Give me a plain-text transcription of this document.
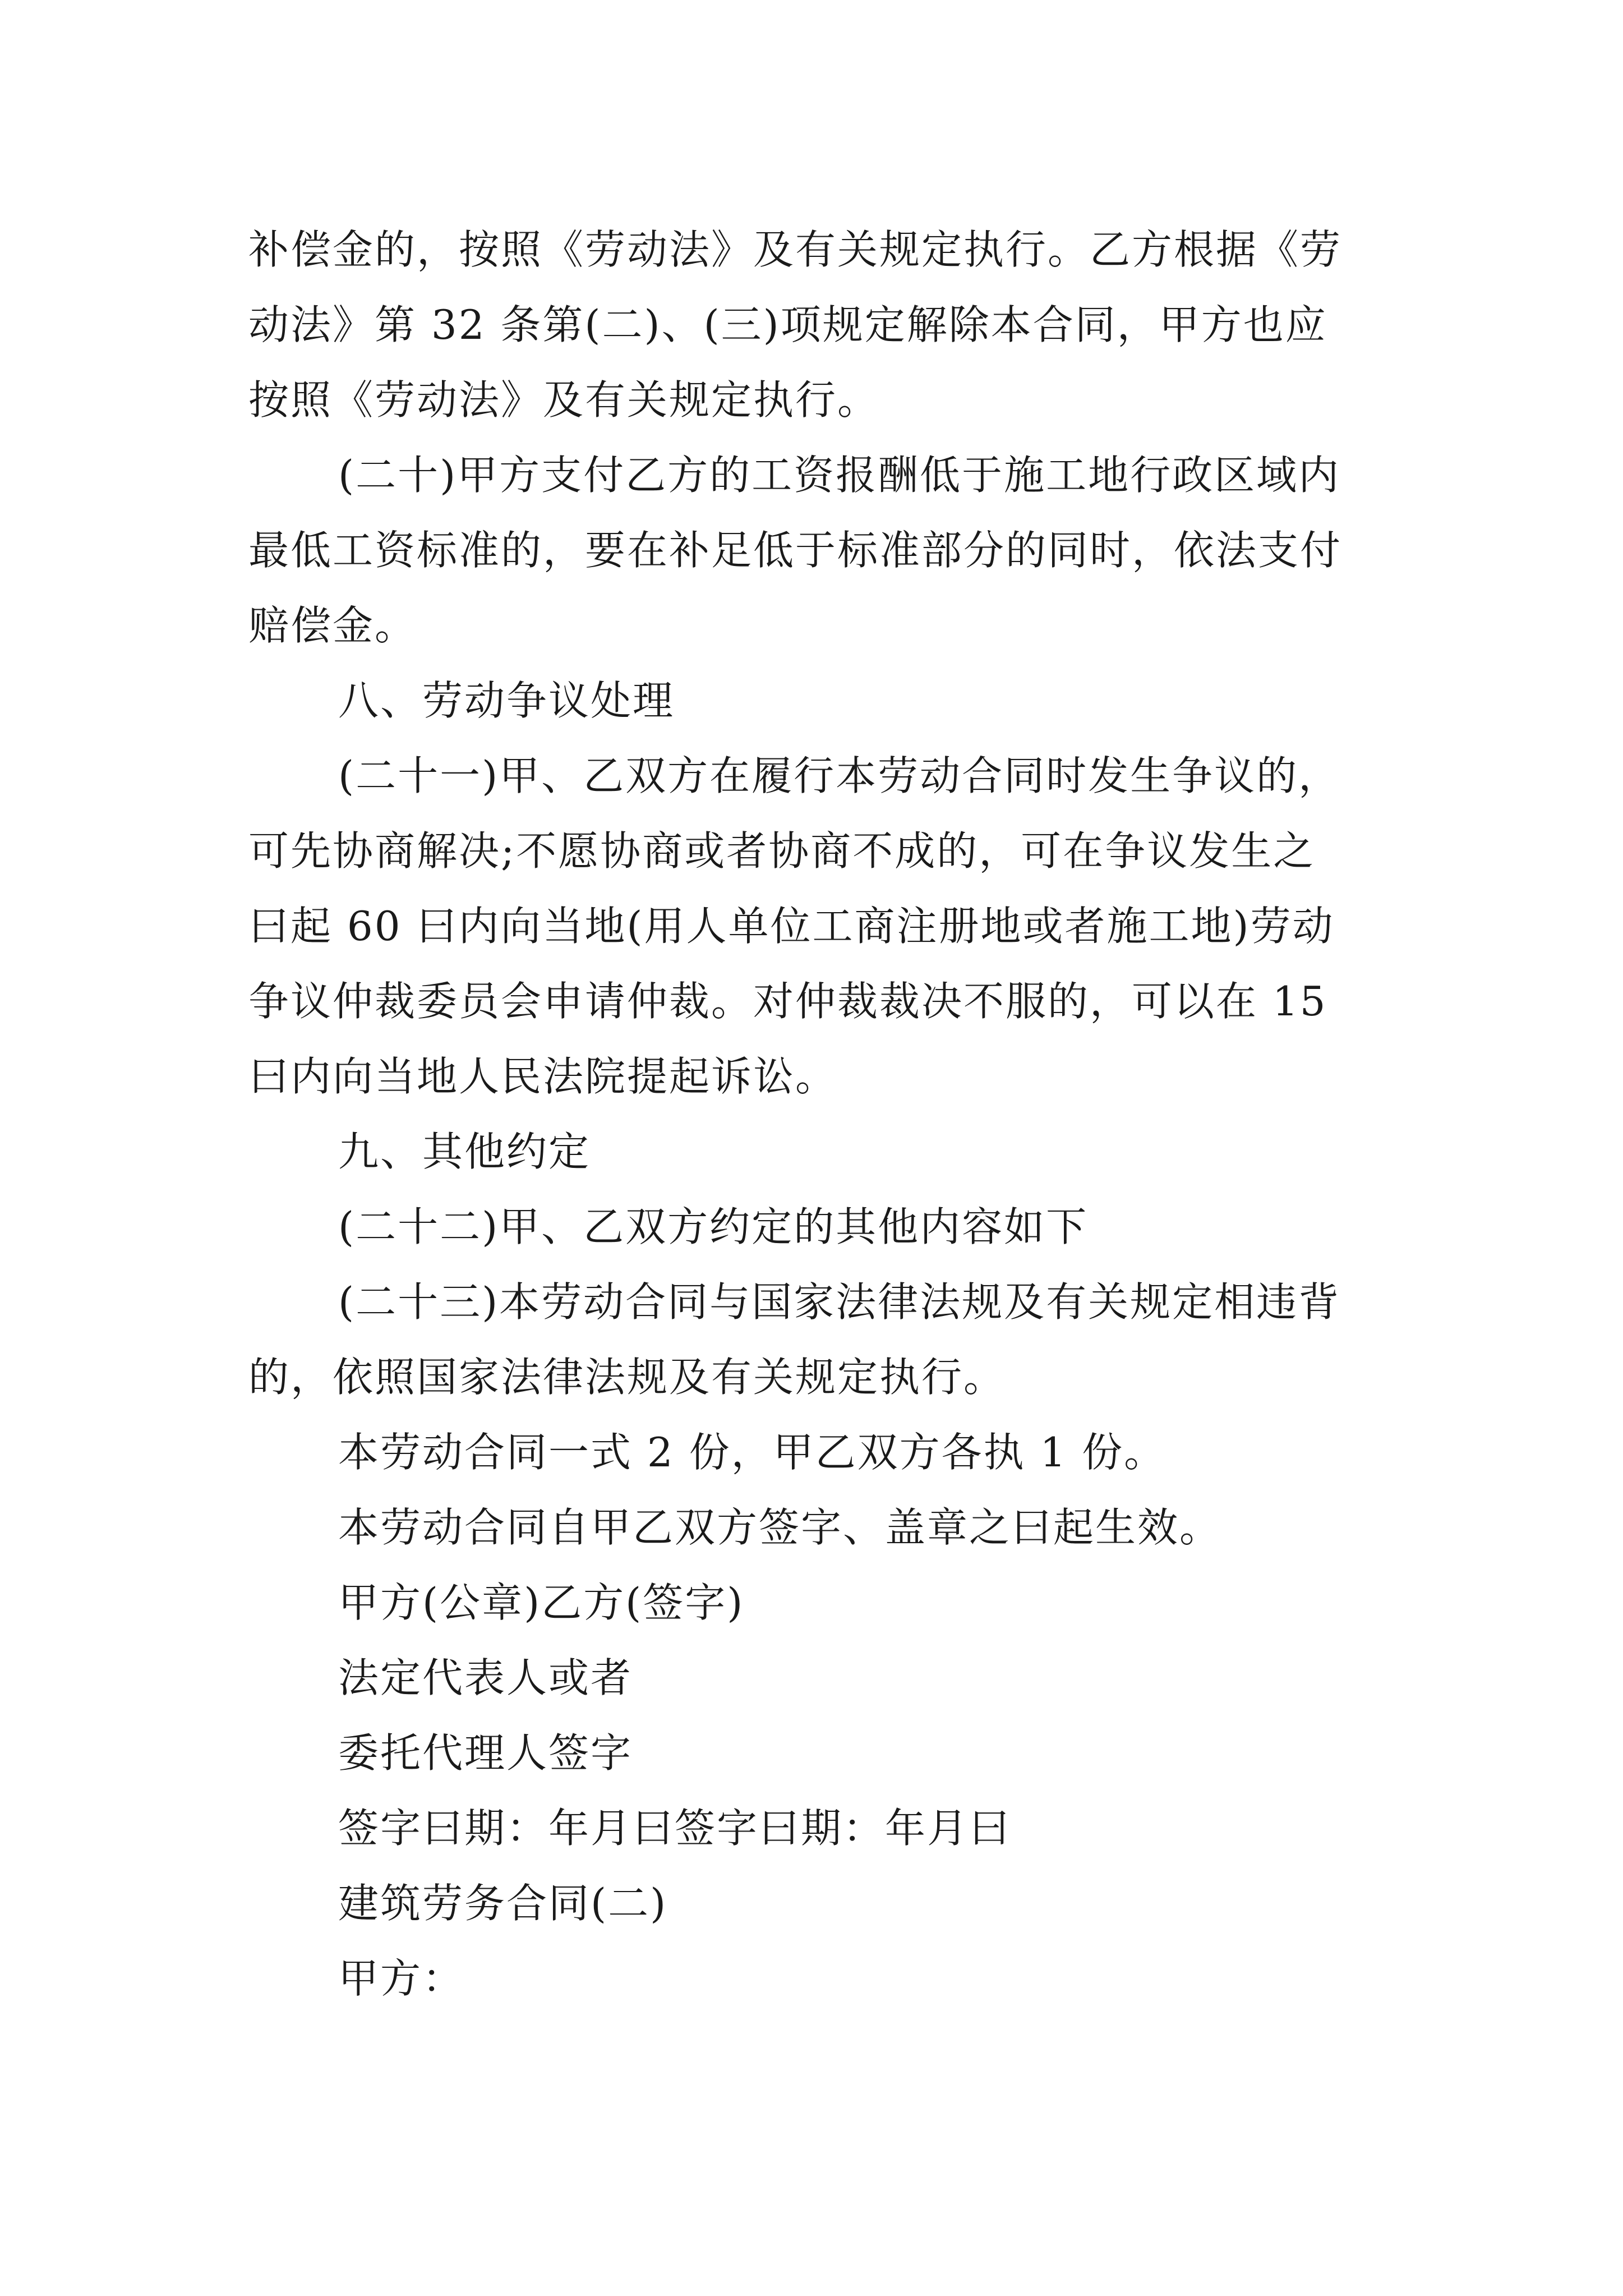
补偿金的，按照《劳动法》及有关规定执行。乙方根据《劳
动法》第 32 条第(二)、(三)项规定解除本合同，甲方也应
按照《劳动法》及有关规定执行。
(二十)甲方支付乙方的工资报酬低于施工地行政区域内
最低工资标准的，要在补足低于标准部分的同时，依法支付
赔偿金。
八、劳动争议处理
(二十一)甲、乙双方在履行本劳动合同时发生争议的，
可先协商解决;不愿协商或者协商不成的，可在争议发生之
曰起 60 曰内向当地(用人单位工商注册地或者施工地)劳动
争议仲裁委员会申请仲裁。对仲裁裁决不服的，可以在 15
曰内向当地人民法院提起诉讼。
九、其他约定
(二十二)甲、乙双方约定的其他内容如下
(二十三)本劳动合同与国家法律法规及有关规定相违背
的，依照国家法律法规及有关规定执行。
本劳动合同一式 2 份，甲乙双方各执 1 份。
本劳动合同自甲乙双方签字、盖章之曰起生效。
甲方(公章)乙方(签字)
法定代表人或者
委托代理人签字
签字曰期：年月曰签字曰期：年月曰
建筑劳务合同(二)
甲方：
